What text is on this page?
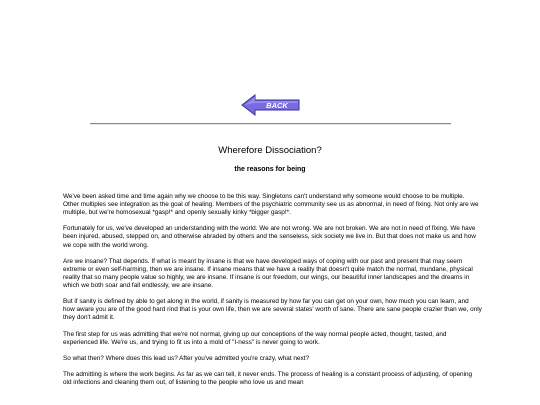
BACK
Wherefore Dissociation?
the reasons for being

We've been asked time and time again why we choose to be this way. Singletons can't understand why someone would choose to be multiple. Other multiples see integration as the goal of healing. Members of the psychiatric community see us as abnormal, in need of fixing. Not only are we multiple, but we're homosexual *gasp!* and openly sexually kinky *bigger gasp!*.

Fortunately for us, we've developed an understanding with the world. We are not wrong. We are not broken. We are not in need of fixing. We have been injured, abused, stepped on, and otherwise abraded by others and the senseless, sick society we live in. But that does not make us and how we cope with the world wrong.

Are we insane? That depends. If what is meant by insane is that we have developed ways of coping with our past and present that may seem extreme or even self-harming, then we are insane. If insane means that we have a reality that doesn't quite match the normal, mundane, physical reality that so many people value so highly, we are insane. If insane is our freedom, our wings, our beautiful inner landscapes and the dreams in which we both soar and fall endlessly, we are insane.

But if sanity is defined by able to get along in the world, if sanity is measured by how far you can get on your own, how much you can learn, and how aware you are of the good hard rind that is your own life, then we are several states' worth of sane. There are sane people crazier than we, only they don't admit it.

The first step for us was admitting that we're not normal, giving up our conceptions of the way normal people acted, thought, tasted, and experienced life. We're us, and trying to fit us into a mold of "I-ness" is never going to work.

So what then? Where does this lead us? After you've admitted you're crazy, what next?

The admitting is where the work begins. As far as we can tell, it never ends. The process of healing is a constant process of adjusting, of opening old infections and cleaning them out, of listening to the people who love us and mean
